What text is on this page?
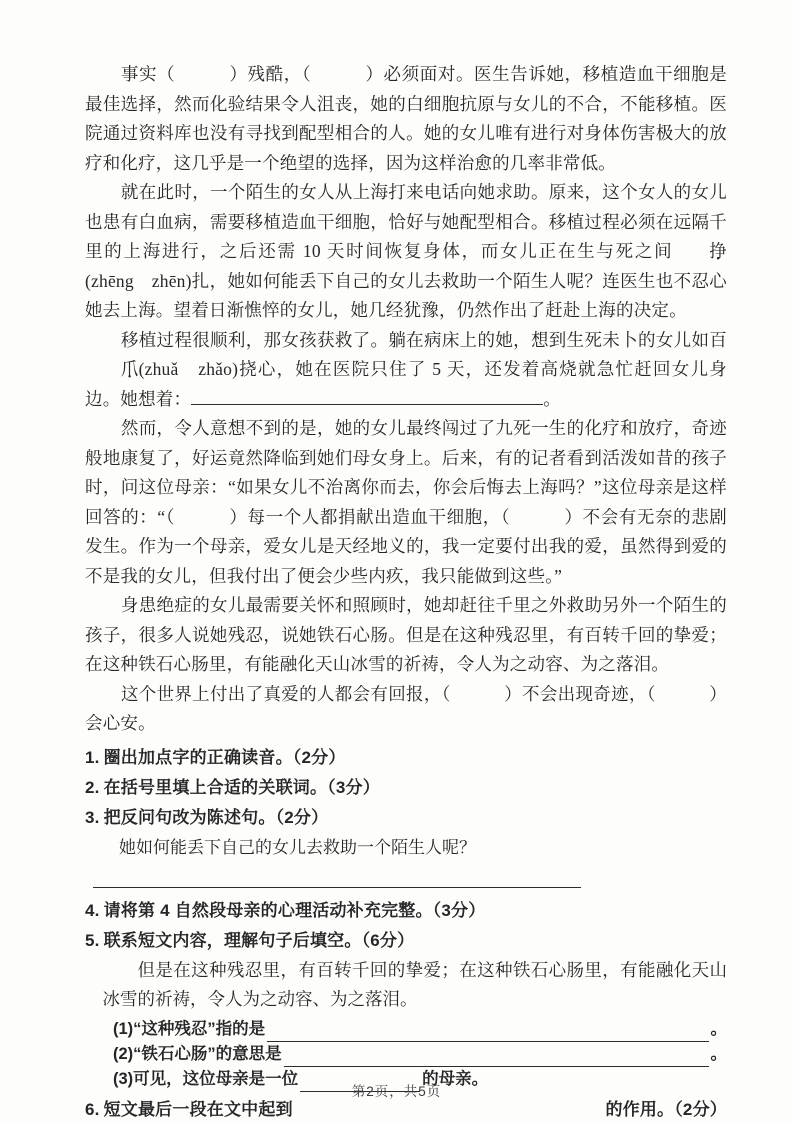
事实（　　　）残酷，（　　　）必须面对。医生告诉她，移植造血干细胞是最佳选择，然而化验结果令人沮丧，她的白细胞抗原与女儿的不合，不能移植。医院通过资料库也没有寻找到配型相合的人。她的女儿唯有进行对身体伤害极大的放疗和化疗，这几乎是一个绝望的选择，因为这样治愈的几率非常低。

就在此时，一个陌生的女人从上海打来电话向她求助。原来，这个女人的女儿也患有白血病，需要移植造血干细胞，恰好与她配型相合。移植过程必须在远隔千里的上海进行，之后还需 10 天时间恢复身体，而女儿正在生与死之间 挣(zhēng　zhēn)扎，她如何能丢下自己的女儿去救助一个陌生人呢？连医生也不忍心她去上海。望着日渐憔悴的女儿，她几经犹豫，仍然作出了赶赴上海的决定。

移植过程很顺利，那女孩获救了。躺在病床上的她，想到生死未卜的女儿如百爪(zhuǎ　zhǎo)挠心，她在医院只住了 5 天，还发着高烧就急忙赶回女儿身边。她想着：	。

然而，令人意想不到的是，她的女儿最终闯过了九死一生的化疗和放疗，奇迹般地康复了，好运竟然降临到她们母女身上。后来，有的记者看到活泼如昔的孩子时，问这位母亲：“如果女儿不治离你而去，你会后悔去上海吗？”这位母亲是这样回答的：“（　　　）每一个人都捐献出造血干细胞，（　　　）不会有无奈的悲剧发生。作为一个母亲，爱女儿是天经地义的，我一定要付出我的爱，虽然得到爱的不是我的女儿，但我付出了便会少些内疚，我只能做到这些。”

身患绝症的女儿最需要关怀和照顾时，她却赶往千里之外救助另外一个陌生的孩子，很多人说她残忍，说她铁石心肠。但是在这种残忍里，有百转千回的挚爱；在这种铁石心肠里，有能融化天山冰雪的祈祷，令人为之动容、为之落泪。

这个世界上付出了真爱的人都会有回报，（　　　）不会出现奇迹，（　　　）会心安。

1. 圈出加点字的正确读音。（2分）
2. 在括号里填上合适的关联词。（3分）
3. 把反问句改为陈述句。（2分）
她如何能丢下自己的女儿去救助一个陌生人呢？
4. 请将第 4 自然段母亲的心理活动补充完整。（3分）
5. 联系短文内容，理解句子后填空。（6分）
但是在这种残忍里，有百转千回的挚爱；在这种铁石心肠里，有能融化天山冰雪的祈祷，令人为之动容、为之落泪。
(1)“这种残忍”指的是	。
(2)“铁石心肠”的意思是	。
(3)可见，这位母亲是一位	的母亲。
6. 短文最后一段在文中起到	的作用。（2分）
第2页，共5页
